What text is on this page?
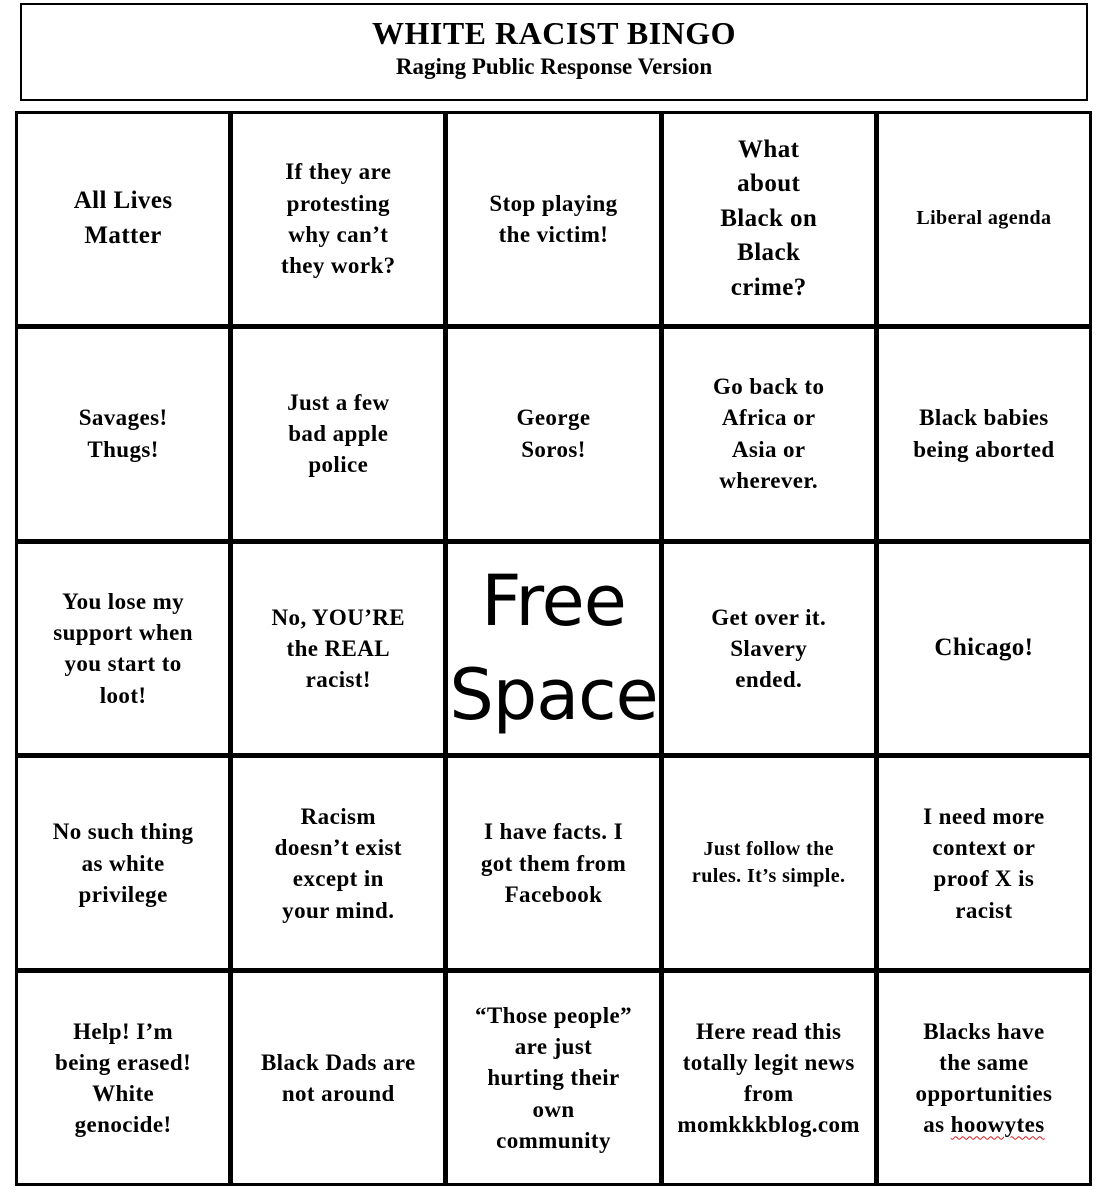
WHITE RACIST BINGO
Raging Public Response Version
All Lives Matter
If they are protesting why can’t they work?
Stop playing the victim!
What about Black on Black crime?
Liberal agenda
Savages! Thugs!
Just a few bad apple police
George Soros!
Go back to Africa or Asia or wherever.
Black babies being aborted
You lose my support when you start to loot!
No, YOU’RE the REAL racist!
Free Space
Get over it. Slavery ended.
Chicago!
No such thing as white privilege
Racism doesn’t exist except in your mind.
I have facts. I got them from Facebook
Just follow the rules. It’s simple.
I need more context or proof X is racist
Help! I’m being erased! White genocide!
Black Dads are not around
“Those people” are just hurting their own community
Here read this totally legit news from momkkkblog.com
Blacks have the same opportunities as hoowytes
